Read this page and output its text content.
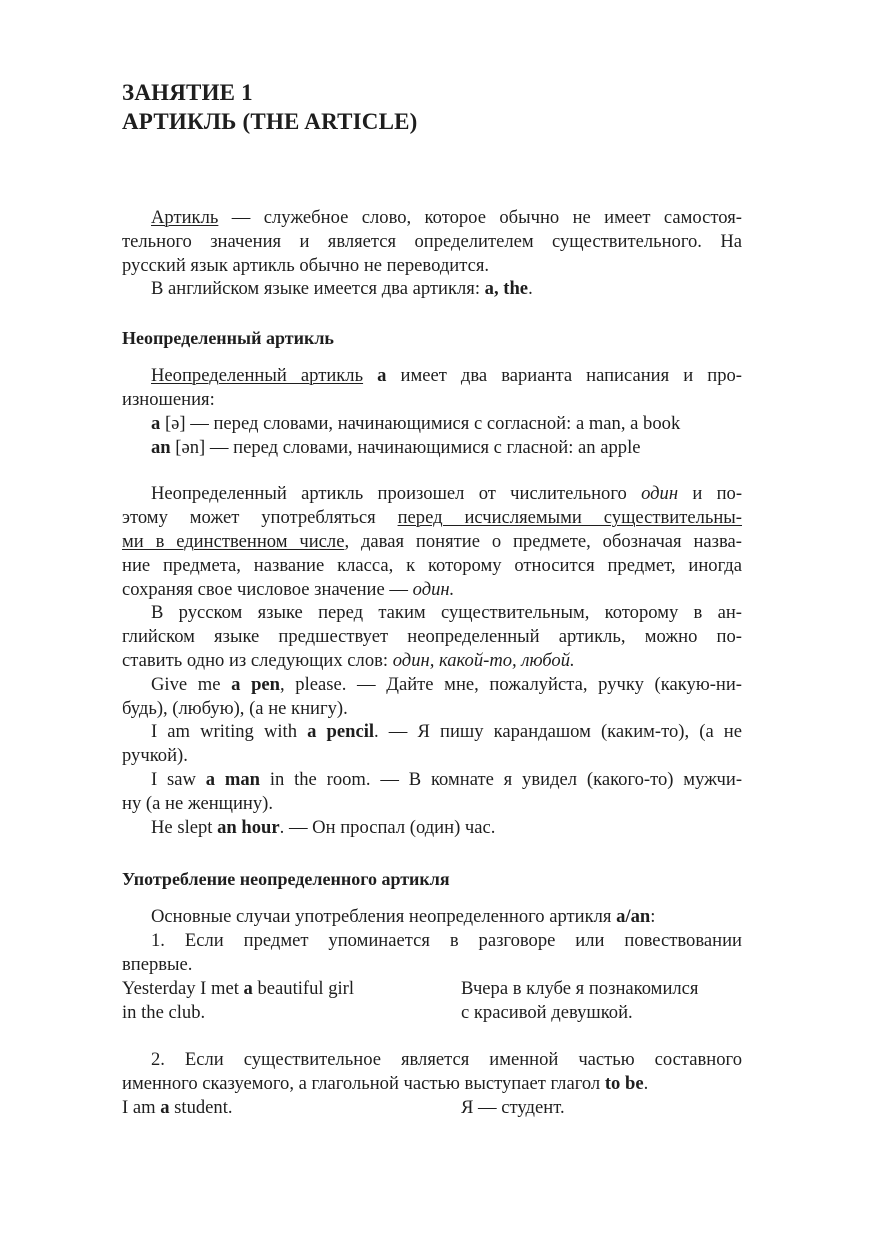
ЗАНЯТИЕ 1
АРТИКЛЬ (THE ARTICLE)
Артикль — служебное слово, которое обычно не имеет самостоя-
тельного значения и является определителем существительного. На
русский язык артикль обычно не переводится.
В английском языке имеется два артикля: a, the.
Неопределенный артикль
Неопределенный артикль a имеет два варианта написания и про-
изношения:
a [ə] — перед словами, начинающимися с согласной: a man, a book
an [ən] — перед словами, начинающимися с гласной: an apple
Неопределенный артикль произошел от числительного один и по-
этому может употребляться перед исчисляемыми существительны-
ми в единственном числе, давая понятие о предмете, обозначая назва-
ние предмета, название класса, к которому относится предмет, иногда
сохраняя свое числовое значение — один.
В русском языке перед таким существительным, которому в ан-
глийском языке предшествует неопределенный артикль, можно по-
ставить одно из следующих слов: один, какой-то, любой.
Give me a pen, please. — Дайте мне, пожалуйста, ручку (какую-ни-
будь), (любую), (а не книгу).
I am writing with a pencil. — Я пишу карандашом (каким-то), (а не
ручкой).
I saw a man in the room. — В комнате я увидел (какого-то) мужчи-
ну (а не женщину).
He slept an hour. — Он проспал (один) час.
Употребление неопределенного артикля
Основные случаи употребления неопределенного артикля a/an:
1. Если предмет упоминается в разговоре или повествовании
впервые.
Yesterday I met a beautiful girl
in the club.
Вчера в клубе я познакомился
с красивой девушкой.
2. Если существительное является именной частью составного
именного сказуемого, а глагольной частью выступает глагол to be.
I am a student.	Я — студент.
